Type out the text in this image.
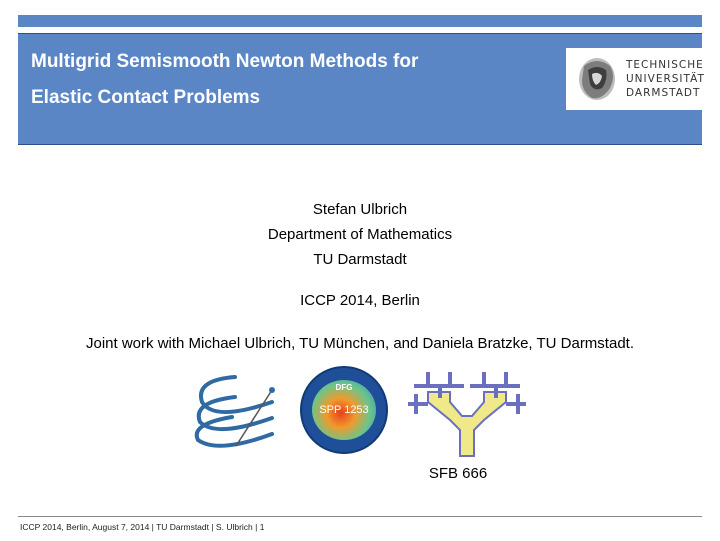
Multigrid Semismooth Newton Methods for
Elastic Contact Problems
TECHNISCHE
UNIVERSITÄT
DARMSTADT
Stefan Ulbrich
Department of Mathematics
TU Darmstadt
ICCP 2014, Berlin
Joint work with Michael Ulbrich, TU München, and Daniela Bratzke, TU Darmstadt.
DFG
SPP 1253
SFB 666
ICCP 2014, Berlin, August 7, 2014 | TU Darmstadt | S. Ulbrich | 1
